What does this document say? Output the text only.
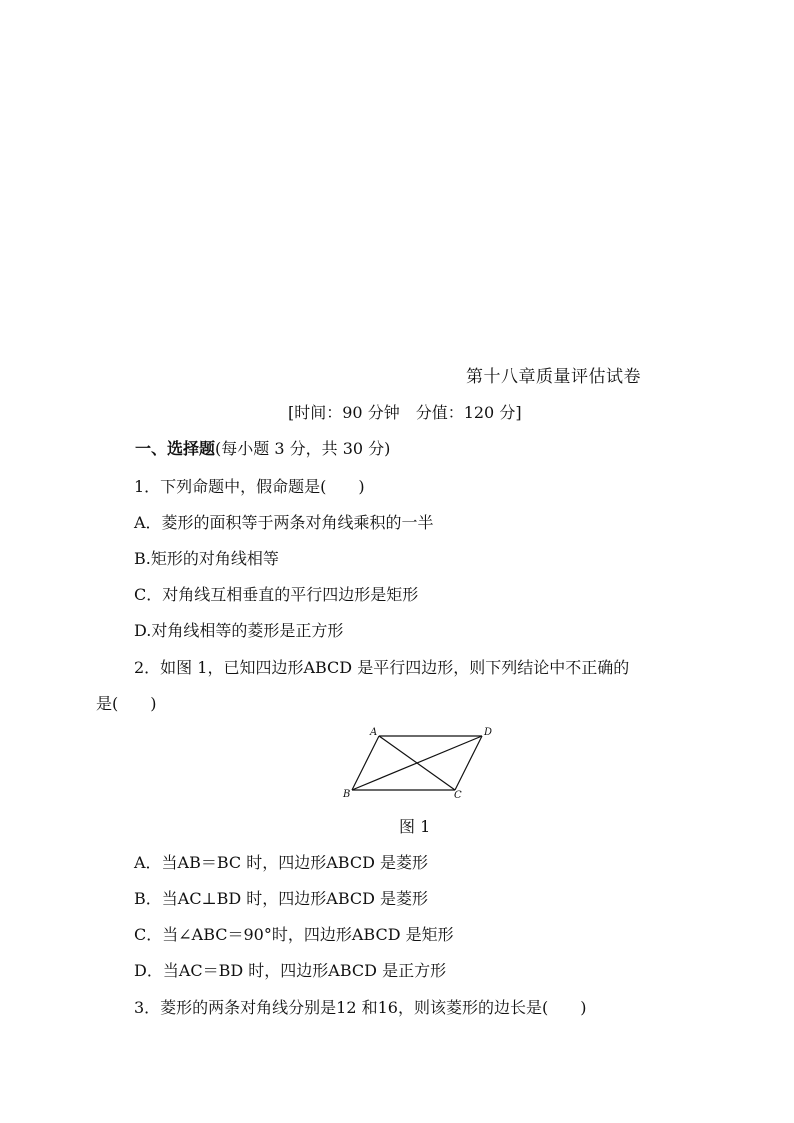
第十八章质量评估试卷
[时间：90 分钟　分值：120 分]
一、选择题(每小题 3 分，共 30 分)
1．下列命题中，假命题是(　　)
A．菱形的面积等于两条对角线乘积的一半
B.矩形的对角线相等
C．对角线互相垂直的平行四边形是矩形
D.对角线相等的菱形是正方形
2．如图 1，已知四边形ABCD 是平行四边形，则下列结论中不正确的
是(　　)
A	D
B	C
图 1
A．当AB＝BC 时，四边形ABCD 是菱形
B．当AC⊥BD 时，四边形ABCD 是菱形
C．当∠ABC＝90°时，四边形ABCD 是矩形
D．当AC＝BD 时，四边形ABCD 是正方形
3．菱形的两条对角线分别是12 和16，则该菱形的边长是(　　)
